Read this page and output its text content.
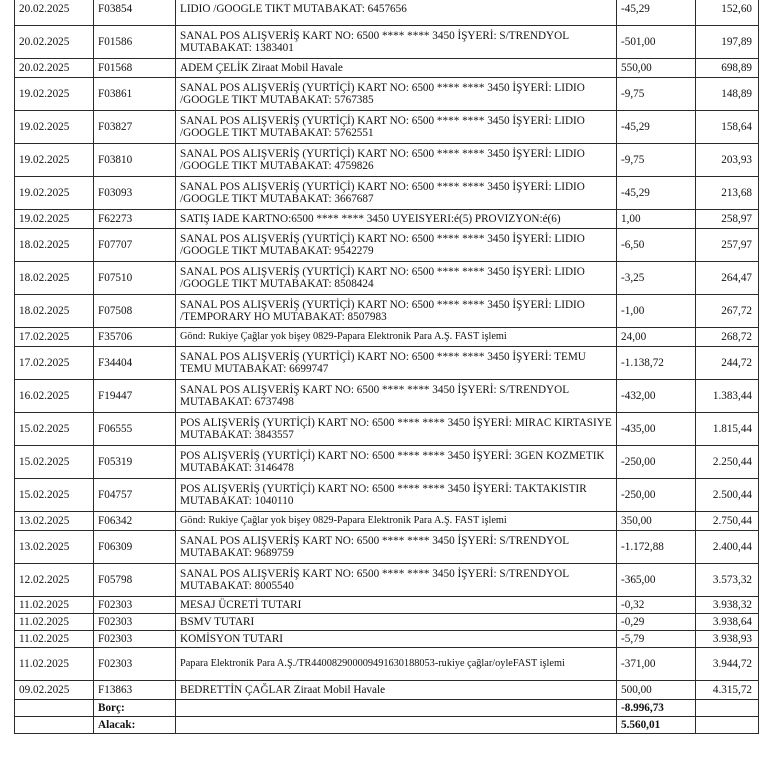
20.02.2025	F03854	LIDIO /GOOGLE TIKT MUTABAKAT: 6457656	-45,29	152,60
20.02.2025	F01586	SANAL POS ALIŞVERİŞ KART NO: 6500 **** **** 3450 İŞYERİ: S/TRENDYOL MUTABAKAT: 1383401	-501,00	197,89
20.02.2025	F01568	ADEM ÇELİK Ziraat Mobil Havale	550,00	698,89
19.02.2025	F03861	SANAL POS ALIŞVERİŞ (YURTİÇİ) KART NO: 6500 **** **** 3450 İŞYERİ: LIDIO /GOOGLE TIKT MUTABAKAT: 5767385	-9,75	148,89
19.02.2025	F03827	SANAL POS ALIŞVERİŞ (YURTİÇİ) KART NO: 6500 **** **** 3450 İŞYERİ: LIDIO /GOOGLE TIKT MUTABAKAT: 5762551	-45,29	158,64
19.02.2025	F03810	SANAL POS ALIŞVERİŞ (YURTİÇİ) KART NO: 6500 **** **** 3450 İŞYERİ: LIDIO /GOOGLE TIKT MUTABAKAT: 4759826	-9,75	203,93
19.02.2025	F03093	SANAL POS ALIŞVERİŞ (YURTİÇİ) KART NO: 6500 **** **** 3450 İŞYERİ: LIDIO /GOOGLE TIKT MUTABAKAT: 3667687	-45,29	213,68
19.02.2025	F62273	SATIŞ IADE KARTNO:6500 **** **** 3450 UYEISYERI:é(5) PROVIZYON:é(6)	1,00	258,97
18.02.2025	F07707	SANAL POS ALIŞVERİŞ (YURTİÇİ) KART NO: 6500 **** **** 3450 İŞYERİ: LIDIO /GOOGLE TIKT MUTABAKAT: 9542279	-6,50	257,97
18.02.2025	F07510	SANAL POS ALIŞVERİŞ (YURTİÇİ) KART NO: 6500 **** **** 3450 İŞYERİ: LIDIO /GOOGLE TIKT MUTABAKAT: 8508424	-3,25	264,47
18.02.2025	F07508	SANAL POS ALIŞVERİŞ (YURTİÇİ) KART NO: 6500 **** **** 3450 İŞYERİ: LIDIO /TEMPORARY HO MUTABAKAT: 8507983	-1,00	267,72
17.02.2025	F35706	Gönd: Rukiye Çağlar yok bişey 0829-Papara Elektronik Para A.Ş. FAST işlemi	24,00	268,72
17.02.2025	F34404	SANAL POS ALIŞVERİŞ (YURTİÇİ) KART NO: 6500 **** **** 3450 İŞYERİ: TEMU TEMU MUTABAKAT: 6699747	-1.138,72	244,72
16.02.2025	F19447	SANAL POS ALIŞVERİŞ KART NO: 6500 **** **** 3450 İŞYERİ: S/TRENDYOL MUTABAKAT: 6737498	-432,00	1.383,44
15.02.2025	F06555	POS ALIŞVERİŞ (YURTİÇİ) KART NO: 6500 **** **** 3450 İŞYERİ: MIRAC KIRTASIYE MUTABAKAT: 3843557	-435,00	1.815,44
15.02.2025	F05319	POS ALIŞVERİŞ (YURTİÇİ) KART NO: 6500 **** **** 3450 İŞYERİ: 3GEN KOZMETIK MUTABAKAT: 3146478	-250,00	2.250,44
15.02.2025	F04757	POS ALIŞVERİŞ (YURTİÇİ) KART NO: 6500 **** **** 3450 İŞYERİ: TAKTAKISTIR MUTABAKAT: 1040110	-250,00	2.500,44
13.02.2025	F06342	Gönd: Rukiye Çağlar yok bişey 0829-Papara Elektronik Para A.Ş. FAST işlemi	350,00	2.750,44
13.02.2025	F06309	SANAL POS ALIŞVERİŞ KART NO: 6500 **** **** 3450 İŞYERİ: S/TRENDYOL MUTABAKAT: 9689759	-1.172,88	2.400,44
12.02.2025	F05798	SANAL POS ALIŞVERİŞ KART NO: 6500 **** **** 3450 İŞYERİ: S/TRENDYOL MUTABAKAT: 8005540	-365,00	3.573,32
11.02.2025	F02303	MESAJ ÜCRETİ TUTARI	-0,32	3.938,32
11.02.2025	F02303	BSMV TUTARI	-0,29	3.938,64
11.02.2025	F02303	KOMİSYON TUTARI	-5,79	3.938,93
11.02.2025	F02303	Papara Elektronik Para A.Ş./TR440082900009491630188053-rukiye çağlar/oyleFAST işlemi	-371,00	3.944,72
09.02.2025	F13863	BEDRETTİN ÇAĞLAR Ziraat Mobil Havale	500,00	4.315,72
	Borç:		-8.996,73	
	Alacak:		5.560,01	
